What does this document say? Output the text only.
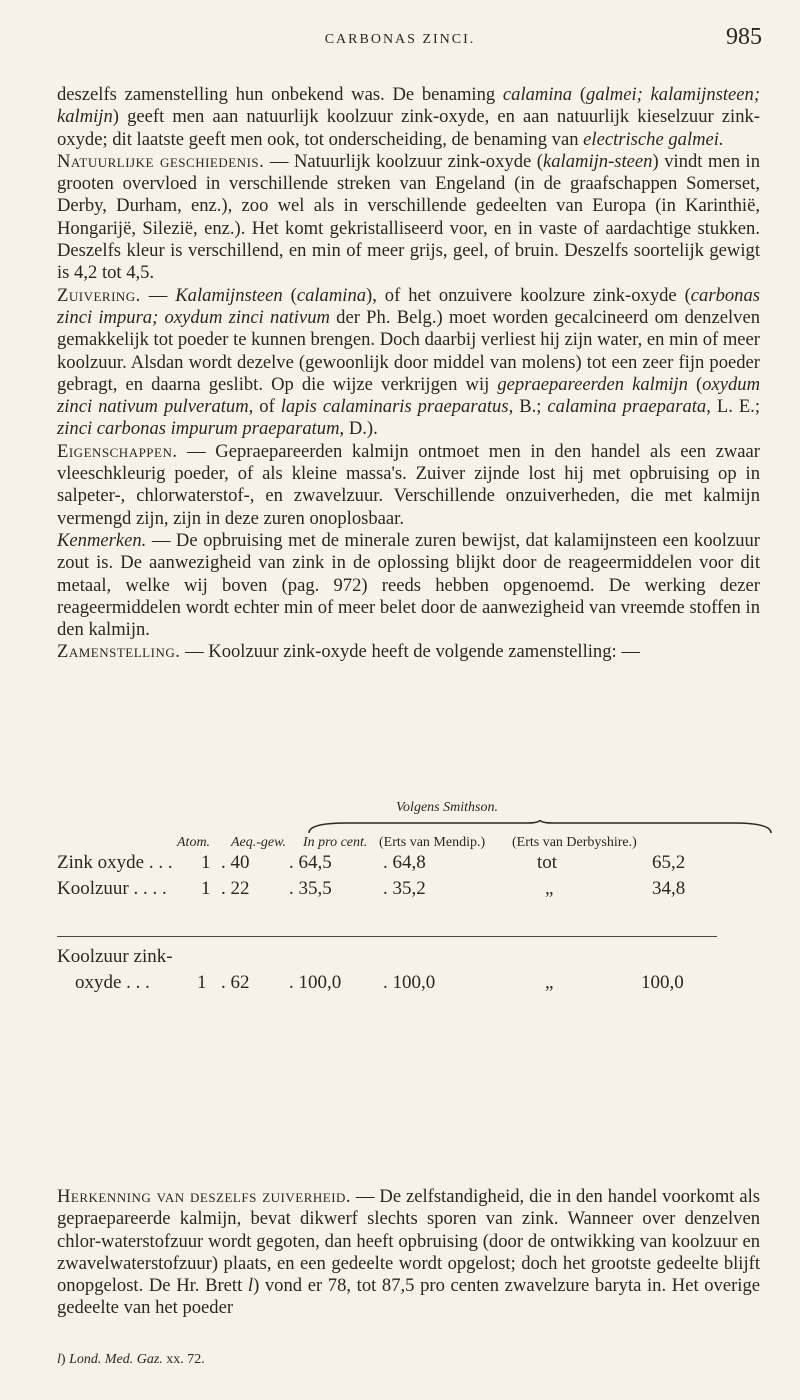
CARBONAS ZINCI.	985

deszelfs zamenstelling hun onbekend was. De benaming calamina (galmei; kalamijnsteen; kalmijn) geeft men aan natuurlijk koolzuur zink-oxyde, en aan natuurlijk kieselzuur zink-oxyde; dit laatste geeft men ook, tot onderscheiding, de benaming van electrische galmei.

Natuurlijke geschiedenis. — Natuurlijk koolzuur zink-oxyde (kalamijn-steen) vindt men in grooten overvloed in verschillende streken van Engeland (in de graafschappen Somerset, Derby, Durham, enz.), zoo wel als in verschillende gedeelten van Europa (in Karinthië, Hongarijë, Silezië, enz.). Het komt gekristalliseerd voor, en in vaste of aardachtige stukken. Deszelfs kleur is verschillend, en min of meer grijs, geel, of bruin. Deszelfs soortelijk gewigt is 4,2 tot 4,5.

Zuivering. — Kalamijnsteen (calamina), of het onzuivere koolzure zink-oxyde (carbonas zinci impura; oxydum zinci nativum der Ph. Belg.) moet worden gecalcineerd om denzelven gemakkelijk tot poeder te kunnen brengen. Doch daarbij verliest hij zijn water, en min of meer koolzuur. Alsdan wordt dezelve (gewoonlijk door middel van molens) tot een zeer fijn poeder gebragt, en daarna geslibt. Op die wijze verkrijgen wij gepraepareerden kalmijn (oxydum zinci nativum pulveratum, of lapis calaminaris praeparatus, B.; calamina praeparata, L. E.; zinci carbonas impurum praeparatum, D.).

Eigenschappen. — Gepraepareerden kalmijn ontmoet men in den handel als een zwaar vleeschkleurig poeder, of als kleine massa's. Zuiver zijnde lost hij met opbruising op in salpeter-, chlorwaterstof-, en zwavelzuur. Verschillende onzuiverheden, die met kalmijn vermengd zijn, zijn in deze zuren onoplosbaar.

Kenmerken. — De opbruising met de minerale zuren bewijst, dat kalamijnsteen een koolzuur zout is. De aanwezigheid van zink in de oplossing blijkt door de reageermiddelen voor dit metaal, welke wij boven (pag. 972) reeds hebben opgenoemd. De werking dezer reageermiddelen wordt echter min of meer belet door de aanwezigheid van vreemde stoffen in den kalmijn.

Zamenstelling. — Koolzuur zink-oxyde heeft de volgende zamenstelling: —

Volgens Smithson.
Atom. Aeq.-gew. In pro cent. (Erts van Mendip.) (Erts van Derbyshire.)
Zink oxyde . . . 1 . 40 . 64,5	. 64,8	tot	65,2
Koolzuur . . . . 1 . 22 . 35,5	. 35,2	„	34,8
Koolzuur zink-
oxyde . . . 1 . 62 . 100,0 . 100,0	„	100,0

Herkenning van deszelfs zuiverheid. — De zelfstandigheid, die in den handel voorkomt als gepraepareerde kalmijn, bevat dikwerf slechts sporen van zink. Wanneer over denzelven chlor-waterstofzuur wordt gegoten, dan heeft opbruising (door de ontwikking van koolzuur en zwavelwaterstofzuur) plaats, en een gedeelte wordt opgelost; doch het grootste gedeelte blijft onopgelost. De Hr. Brett l) vond er 78, tot 87,5 pro centen zwavelzure baryta in. Het overige gedeelte van het poeder

l) Lond. Med. Gaz. xx. 72.
